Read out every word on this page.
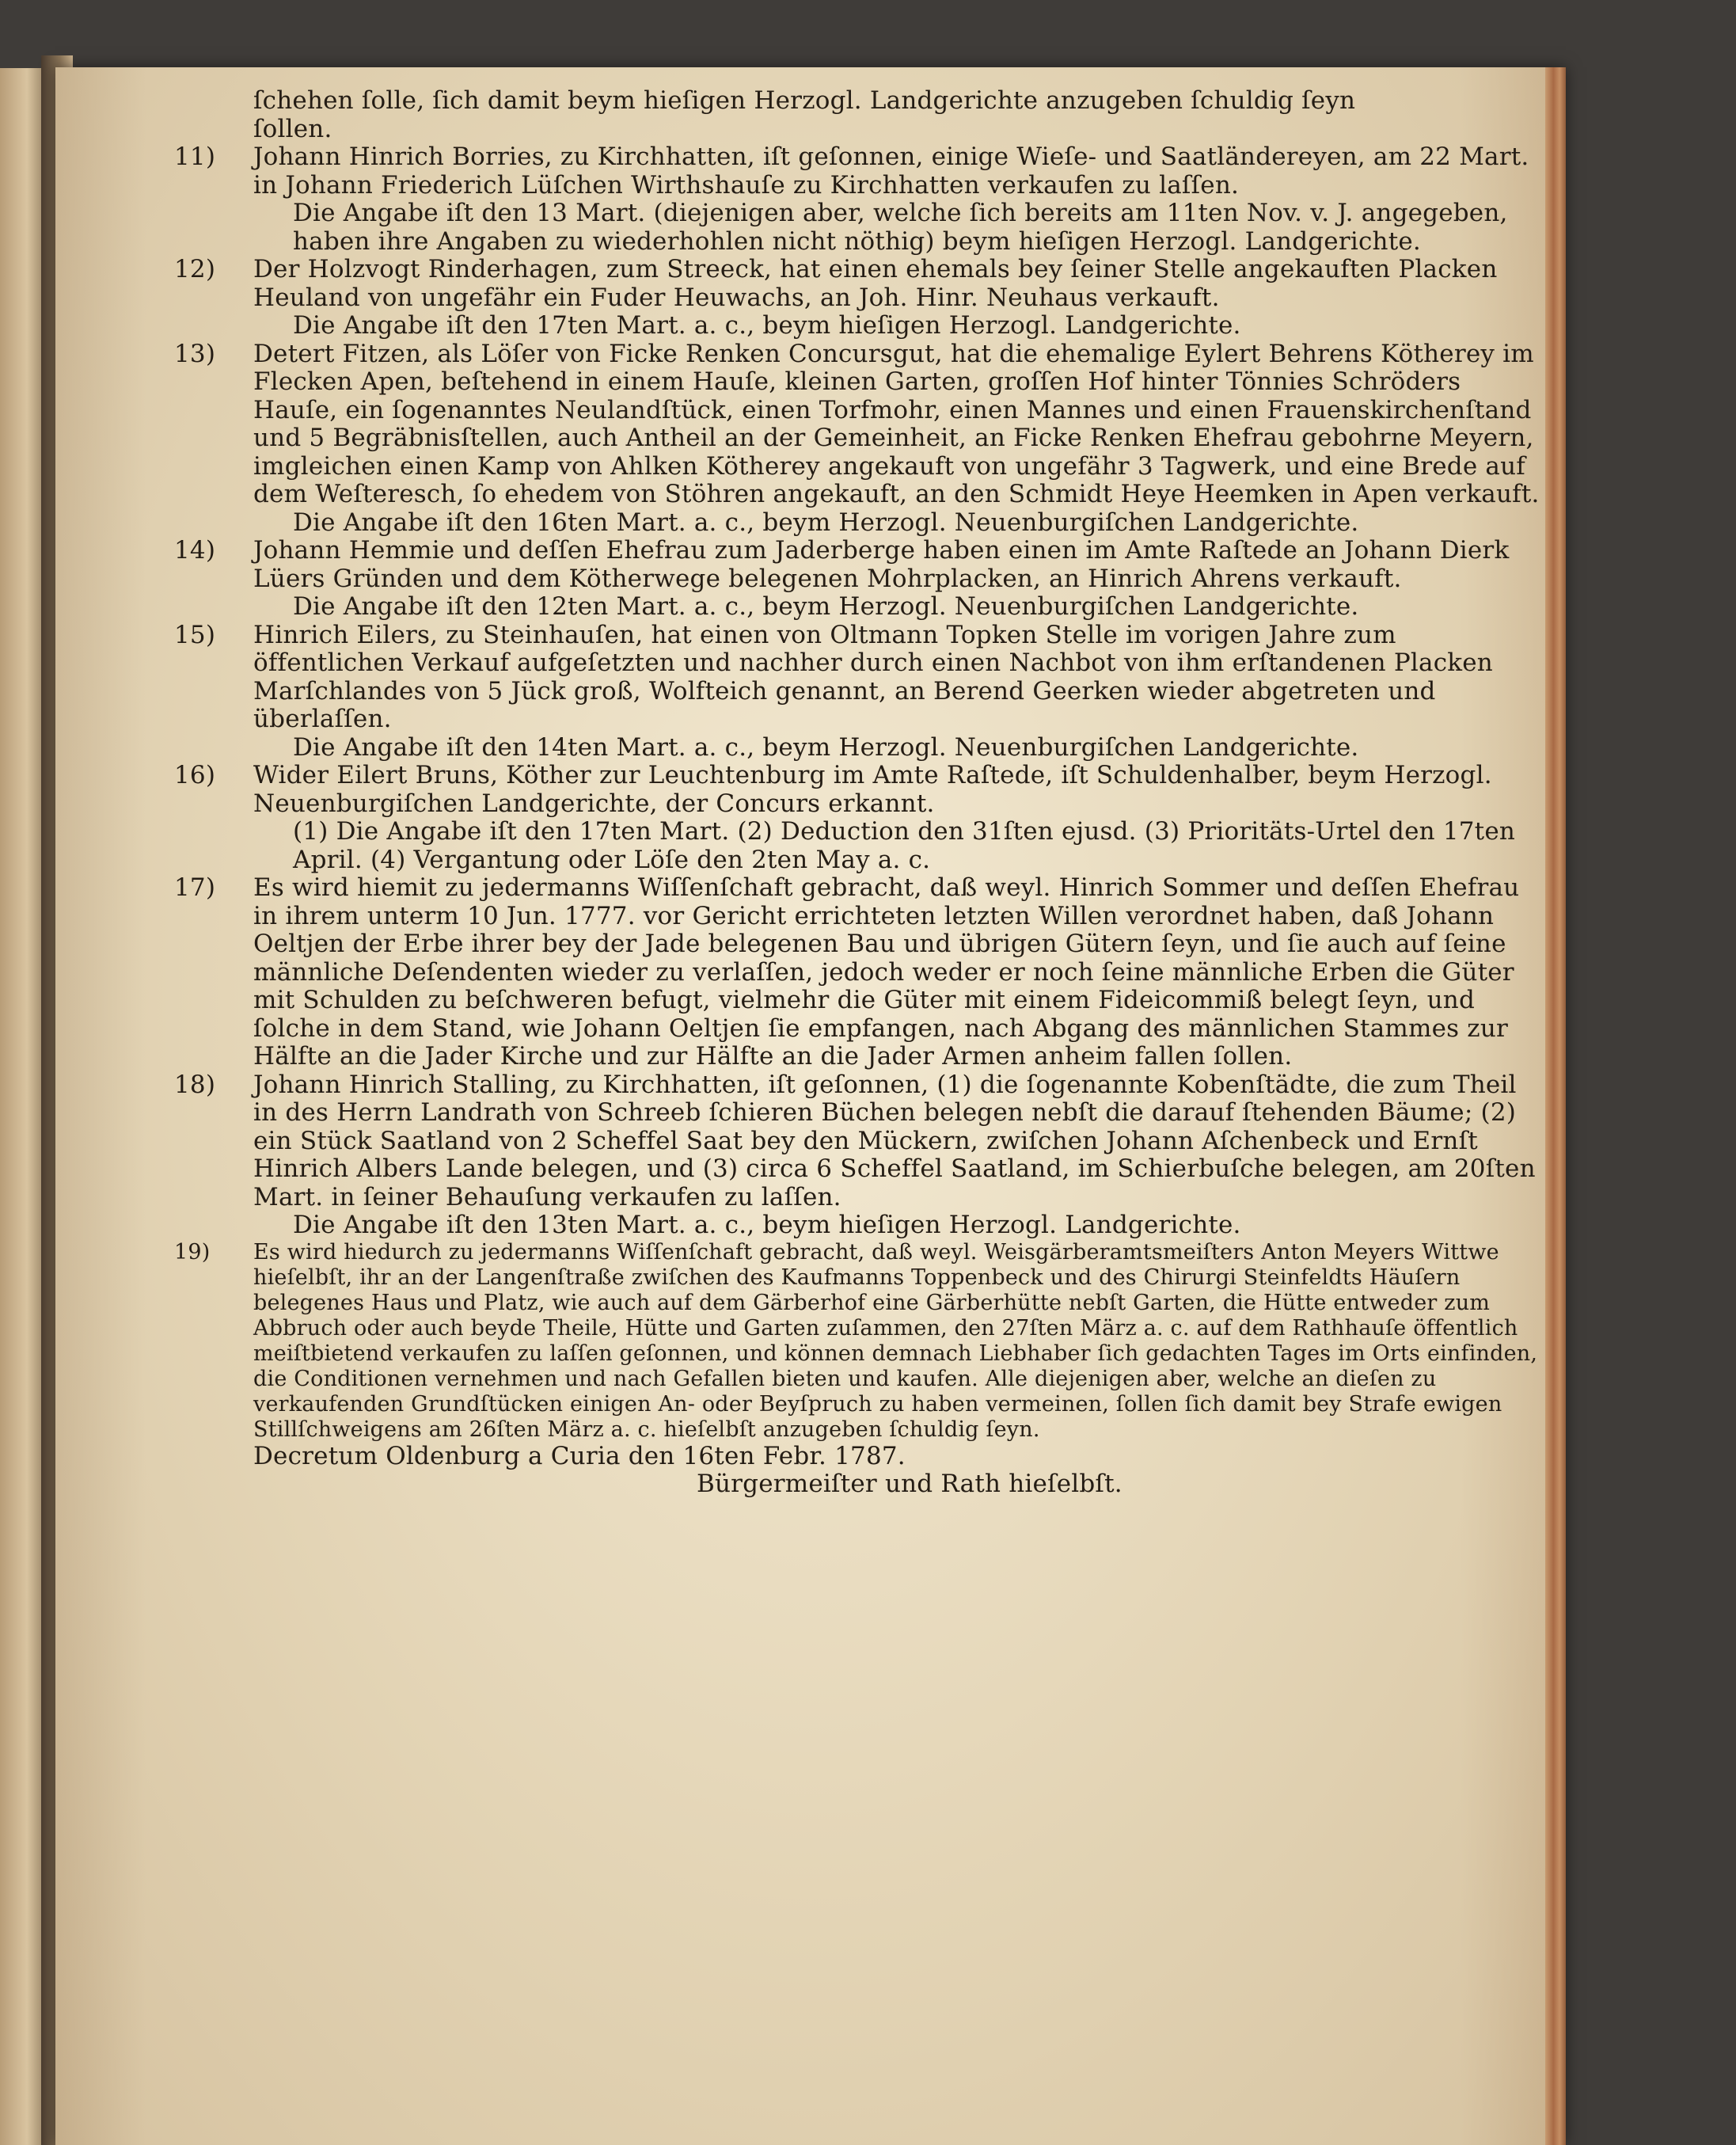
ſchehen ſolle, ſich damit beym hieſigen Herzogl. Landgerichte anzugeben ſchuldig ſeyn

ſollen.

11)	Johann Hinrich Borries, zu Kirchhatten, iſt geſonnen, einige Wieſe- und Saatländereyen, am 22 Mart. in Johann Friederich Lüſchen Wirthshauſe zu Kirchhatten verkaufen zu laſſen.

Die Angabe iſt den 13 Mart. (diejenigen aber, welche ſich bereits am 11ten Nov. v. J. angegeben, haben ihre Angaben zu wiederhohlen nicht nöthig) beym hieſigen Herzogl. Landgerichte.

12)	Der Holzvogt Rinderhagen, zum Streeck, hat einen ehemals bey ſeiner Stelle angekauften Placken Heuland von ungefähr ein Fuder Heuwachs, an Joh. Hinr. Neuhaus verkauft.

Die Angabe iſt den 17ten Mart. a. c., beym hieſigen Herzogl. Landgerichte.

13)	Detert Fitzen, als Löſer von Ficke Renken Concursgut, hat die ehemalige Eylert Behrens Kötherey im Flecken Apen, beſtehend in einem Hauſe, kleinen Garten, groſſen Hof hinter Tönnies Schröders Hauſe, ein ſogenanntes Neulandſtück, einen Torfmohr, einen Mannes und einen Frauenskirchenſtand und 5 Begräbnisſtellen, auch Antheil an der Gemeinheit, an Ficke Renken Ehefrau gebohrne Meyern, imgleichen einen Kamp von Ahlken Kötherey angekauft von ungefähr 3 Tagwerk, und eine Brede auf dem Weſteresch, ſo ehedem von Stöhren angekauft, an den Schmidt Heye Heemken in Apen verkauft.

Die Angabe iſt den 16ten Mart. a. c., beym Herzogl. Neuenburgiſchen Landgerichte.

14)	Johann Hemmie und deſſen Ehefrau zum Jaderberge haben einen im Amte Raſtede an Johann Dierk Lüers Gründen und dem Kötherwege belegenen Mohrplacken, an Hinrich Ahrens verkauft.

Die Angabe iſt den 12ten Mart. a. c., beym Herzogl. Neuenburgiſchen Landgerichte.

15)	Hinrich Eilers, zu Steinhauſen, hat einen von Oltmann Topken Stelle im vorigen Jahre zum öffentlichen Verkauf aufgeſetzten und nachher durch einen Nachbot von ihm erſtandenen Placken Marſchlandes von 5 Jück groß, Wolfteich genannt, an Berend Geerken wieder abgetreten und überlaſſen.

Die Angabe iſt den 14ten Mart. a. c., beym Herzogl. Neuenburgiſchen Landgerichte.

16)	Wider Eilert Bruns, Köther zur Leuchtenburg im Amte Raſtede, iſt Schuldenhalber, beym Herzogl. Neuenburgiſchen Landgerichte, der Concurs erkannt.

(1) Die Angabe iſt den 17ten Mart. (2) Deduction den 31ſten ejusd. (3) Prioritäts-Urtel den 17ten April. (4) Vergantung oder Löſe den 2ten May a. c.

17)	Es wird hiemit zu jedermanns Wiſſenſchaft gebracht, daß weyl. Hinrich Sommer und deſſen Ehefrau in ihrem unterm 10 Jun. 1777. vor Gericht errichteten letzten Willen verordnet haben, daß Johann Oeltjen der Erbe ihrer bey der Jade belegenen Bau und übrigen Gütern ſeyn, und ſie auch auf ſeine männliche Deſendenten wieder zu verlaſſen, jedoch weder er noch ſeine männliche Erben die Güter mit Schulden zu beſchweren befugt, vielmehr die Güter mit einem Fideicommiß belegt ſeyn, und ſolche in dem Stand, wie Johann Oeltjen ſie empfangen, nach Abgang des männlichen Stammes zur Hälfte an die Jader Kirche und zur Hälfte an die Jader Armen anheim fallen ſollen.

18)	Johann Hinrich Stalling, zu Kirchhatten, iſt geſonnen, (1) die ſogenannte Kobenſtädte, die zum Theil in des Herrn Landrath von Schreeb ſchieren Büchen belegen nebſt die darauf ſtehenden Bäume; (2) ein Stück Saatland von 2 Scheffel Saat bey den Mückern, zwiſchen Johann Aſchenbeck und Ernſt Hinrich Albers Lande belegen, und (3) circa 6 Scheffel Saatland, im Schierbuſche belegen, am 20ſten Mart. in ſeiner Behauſung verkaufen zu laſſen.

Die Angabe iſt den 13ten Mart. a. c., beym hieſigen Herzogl. Landgerichte.

19)	Es wird hiedurch zu jedermanns Wiſſenſchaft gebracht, daß weyl. Weisgärberamtsmeiſters Anton Meyers Wittwe hieſelbſt, ihr an der Langenſtraße zwiſchen des Kaufmanns Toppenbeck und des Chirurgi Steinfeldts Häuſern belegenes Haus und Platz, wie auch auf dem Gärberhof eine Gärberhütte nebſt Garten, die Hütte entweder zum Abbruch oder auch beyde Theile, Hütte und Garten zuſammen, den 27ſten März a. c. auf dem Rathhauſe öffentlich meiſtbietend verkaufen zu laſſen geſonnen, und können demnach Liebhaber ſich gedachten Tages im Orts einfinden, die Conditionen vernehmen und nach Gefallen bieten und kaufen. Alle diejenigen aber, welche an dieſen zu verkaufenden Grundſtücken einigen An- oder Beyſpruch zu haben vermeinen, ſollen ſich damit bey Strafe ewigen Stillſchweigens am 26ſten März a. c. hieſelbſt anzugeben ſchuldig ſeyn.

Decretum Oldenburg a Curia den 16ten Febr. 1787.

Bürgermeiſter und Rath hieſelbſt.
